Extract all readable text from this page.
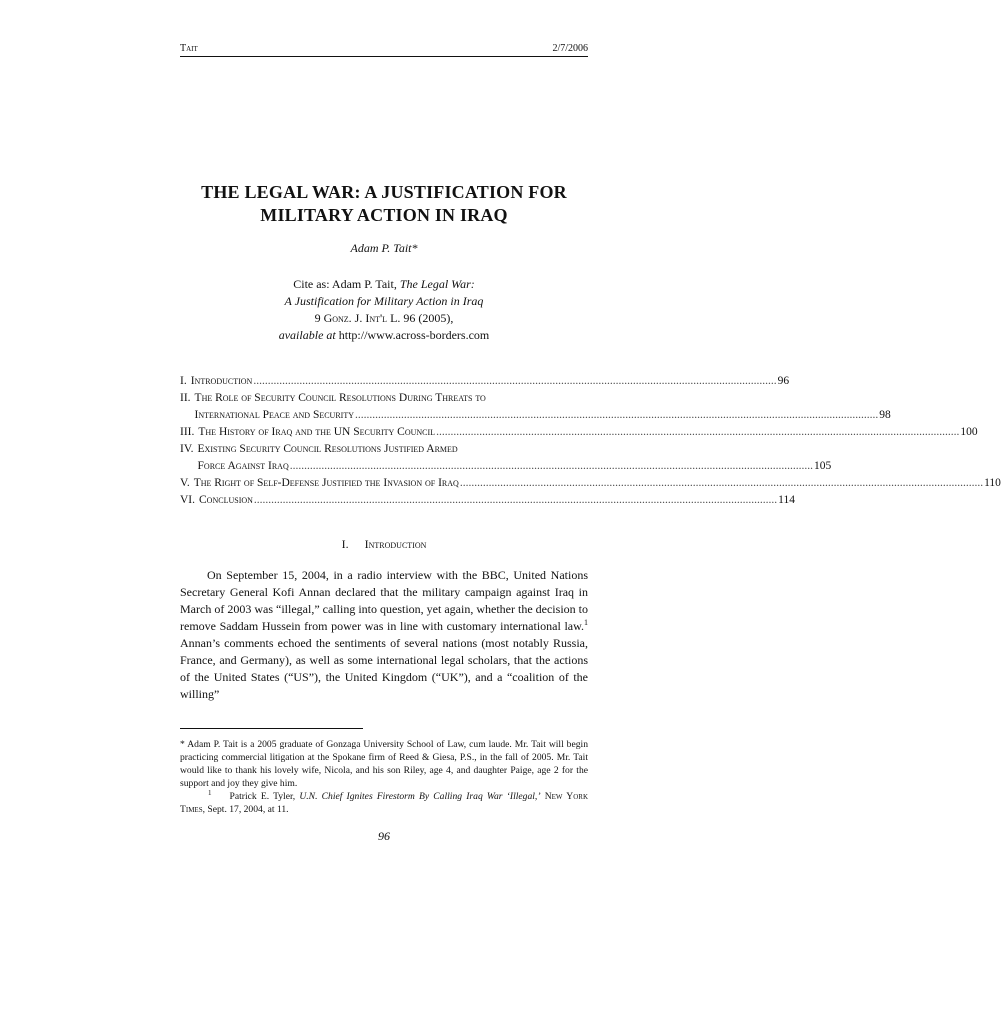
Tait	2/7/2006
THE LEGAL WAR: A JUSTIFICATION FOR
MILITARY ACTION IN IRAQ
Adam P. Tait*
Cite as: Adam P. Tait, The Legal War:
A Justification for Military Action in Iraq
9 Gonz. J. Int'l L. 96 (2005),
available at http://www.across-borders.com
I. Introduction .....	96
II. The Role of Security Council Resolutions During Threats to
International Peace and Security .....	98
III. The History of Iraq and the UN Security Council .....	100
IV. Existing Security Council Resolutions Justified Armed
Force Against Iraq .....	105
V. The Right of Self-Defense Justified the Invasion of Iraq .....	110
VI. Conclusion .....	114
I. Introduction

On September 15, 2004, in a radio interview with the BBC, United Nations Secretary General Kofi Annan declared that the military campaign against Iraq in March of 2003 was “illegal,” calling into question, yet again, whether the decision to remove Saddam Hussein from power was in line with customary international law.$^1$ Annan’s comments echoed the sentiments of several nations (most notably Russia, France, and Germany), as well as some international legal scholars, that the actions of the United States (“US”), the United Kingdom (“UK”), and a “coalition of the willing”

* Adam P. Tait is a 2005 graduate of Gonzaga University School of Law, cum laude. Mr. Tait will begin practicing commercial litigation at the Spokane firm of Reed & Giesa, P.S., in the fall of 2005. Mr. Tait would like to thank his lovely wife, Nicola, and his son Riley, age 4, and daughter Paige, age 2 for the support and joy they give him.

$^1$ Patrick E. Tyler, U.N. Chief Ignites Firestorm By Calling Iraq War ‘Illegal,’ New York Times, Sept. 17, 2004, at 11.

96
